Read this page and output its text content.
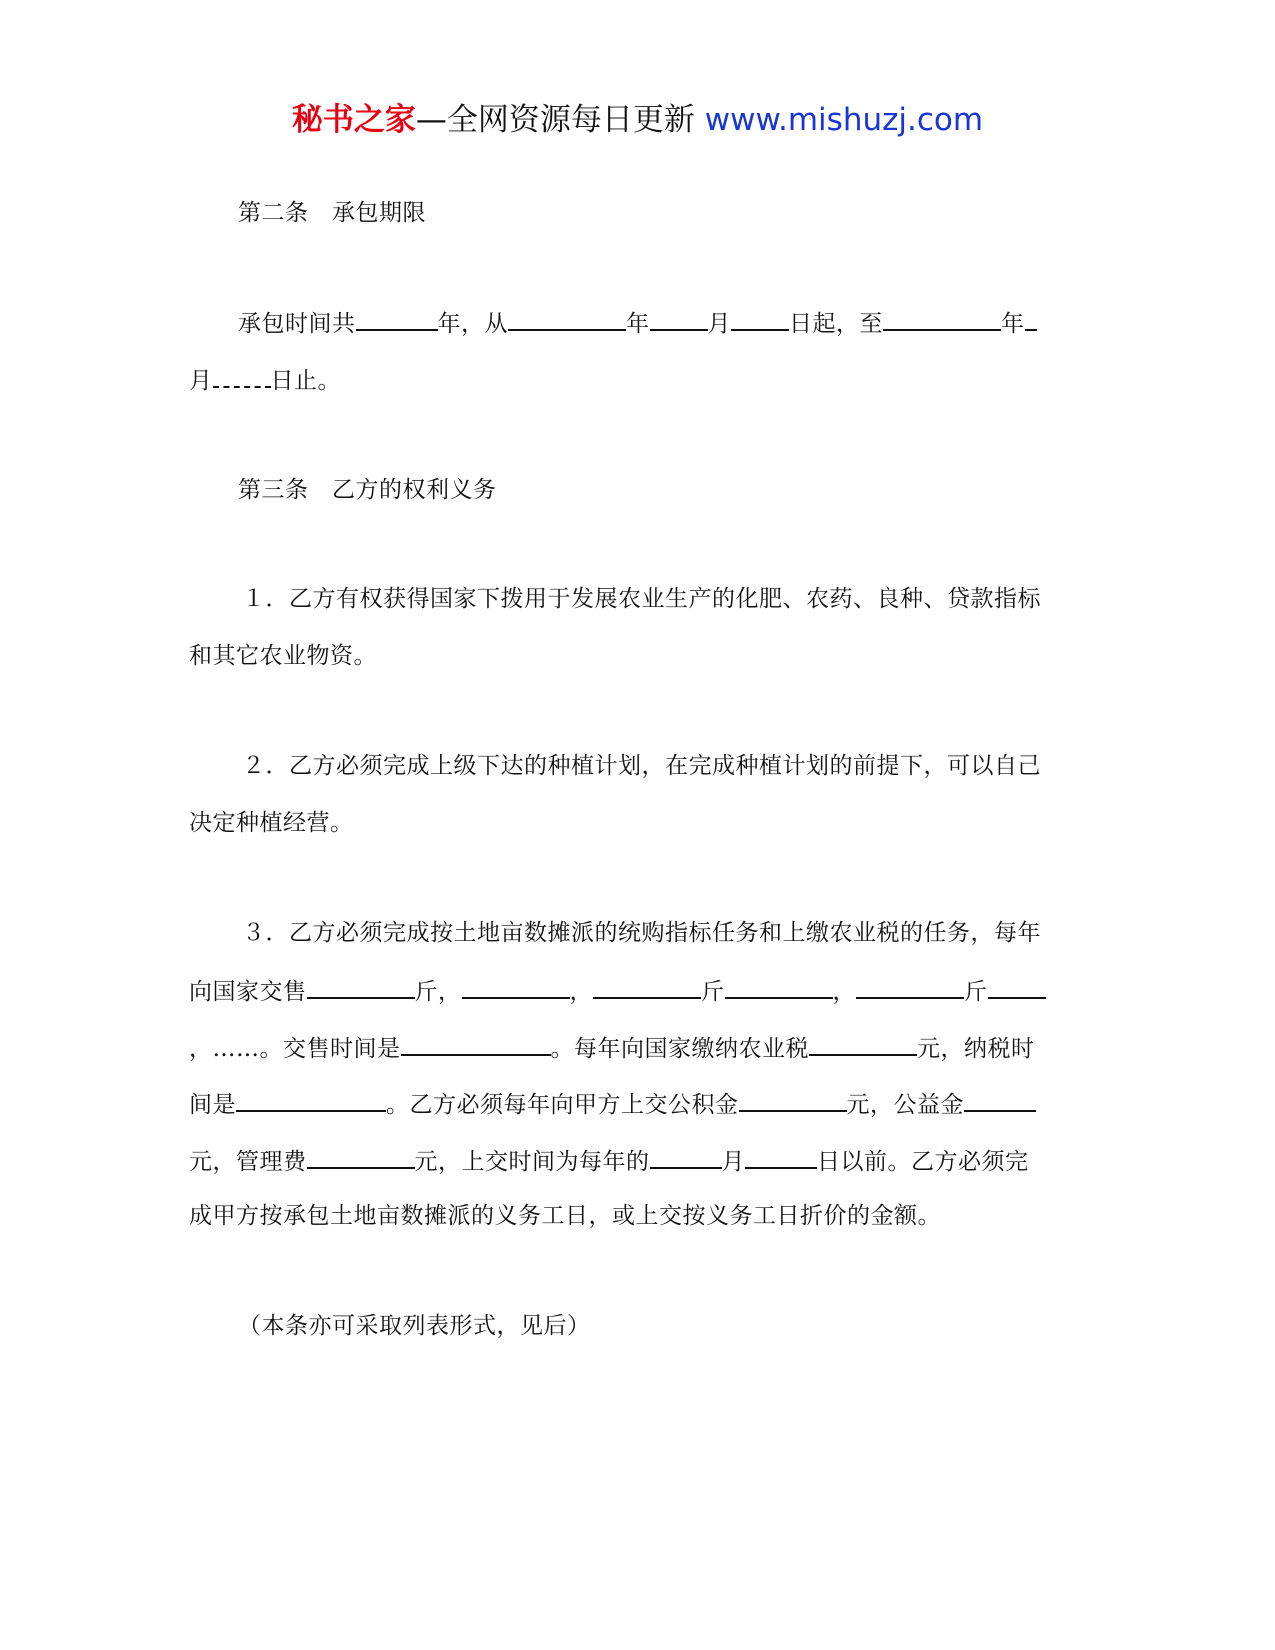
秘书之家—全网资源每日更新 www.mishuzj.com
第二条　承包期限
承包时间共	年，从	年	月	日起，至	年
月	日止。
第三条　乙方的权利义务
１．乙方有权获得国家下拨用于发展农业生产的化肥、农药、良种、贷款指标
和其它农业物资。
２．乙方必须完成上级下达的种植计划，在完成种植计划的前提下，可以自己
决定种植经营。
３．乙方必须完成按土地亩数摊派的统购指标任务和上缴农业税的任务，每年
向国家交售	斤，	，	斤	，	斤
，……。交售时间是	。每年向国家缴纳农业税	元，纳税时
间是	。乙方必须每年向甲方上交公积金	元，公益金
元，管理费	元，上交时间为每年的	月	日以前。乙方必须完
成甲方按承包土地亩数摊派的义务工日，或上交按义务工日折价的金额。
（本条亦可采取列表形式，见后）
